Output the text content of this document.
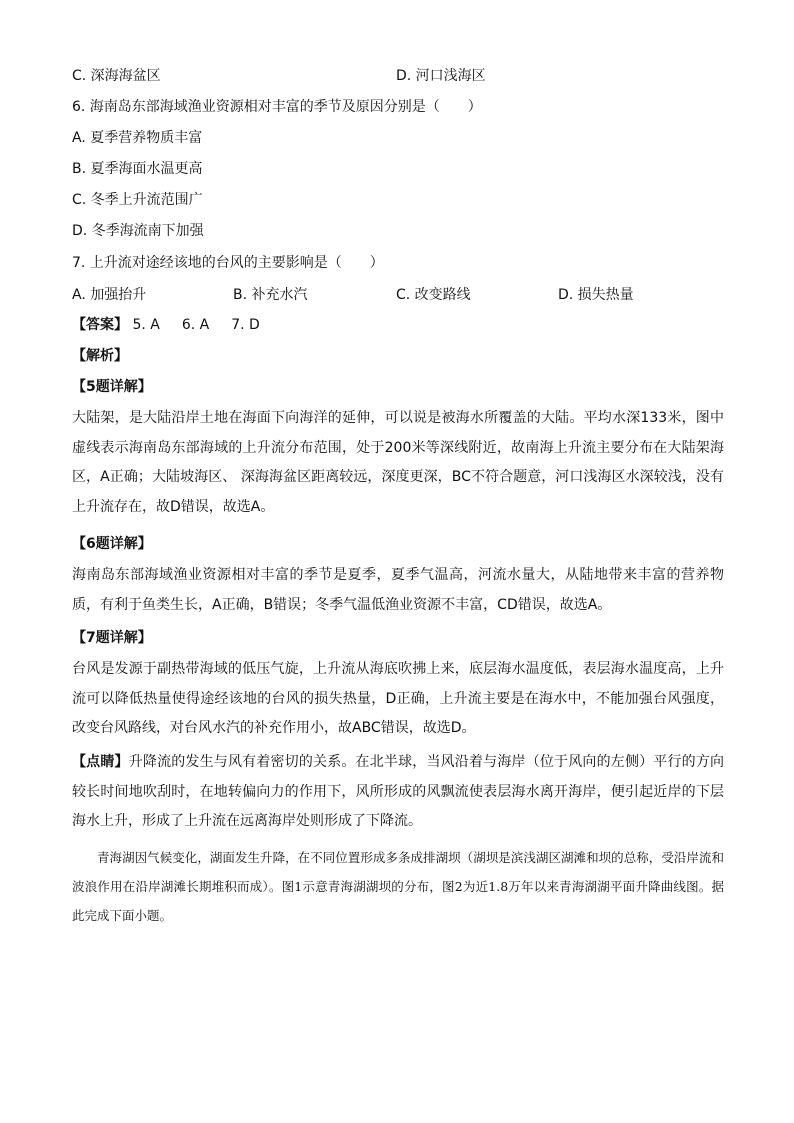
C. 深海海盆区	D. 河口浅海区
6. 海南岛东部海域渔业资源相对丰富的季节及原因分别是（　　）
A. 夏季营养物质丰富
B. 夏季海面水温更高
C. 冬季上升流范围广
D. 冬季海流南下加强
7. 上升流对途经该地的台风的主要影响是（　　）
A. 加强抬升	B. 补充水汽	C. 改变路线	D. 损失热量
【答案】 5. A 6. A 7. D
【解析】
【5题详解】
大陆架，是大陆沿岸土地在海面下向海洋的延伸，可以说是被海水所覆盖的大陆。平均水深133米，图中虚线表示海南岛东部海域的上升流分布范围，处于200米等深线附近，故南海上升流主要分布在大陆架海区，A正确；大陆坡海区、 深海海盆区距离较远，深度更深，BC不符合题意，河口浅海区水深较浅，没有上升流存在，故D错误，故选A。
【6题详解】
海南岛东部海域渔业资源相对丰富的季节是夏季，夏季气温高，河流水量大，从陆地带来丰富的营养物质，有利于鱼类生长，A正确，B错误；冬季气温低渔业资源不丰富，CD错误，故选A。
【7题详解】
台风是发源于副热带海域的低压气旋，上升流从海底吹拂上来，底层海水温度低，表层海水温度高，上升流可以降低热量使得途经该地的台风的损失热量，D正确，上升流主要是在海水中，不能加强台风强度，改变台风路线，对台风水汽的补充作用小，故ABC错误，故选D。
【点睛】升降流的发生与风有着密切的关系。在北半球，当风沿着与海岸（位于风向的左侧）平行的方向较长时间地吹刮时，在地转偏向力的作用下，风所形成的风飘流使表层海水离开海岸，便引起近岸的下层海水上升，形成了上升流在远离海岸处则形成了下降流。
青海湖因气候变化，湖面发生升降，在不同位置形成多条成排湖坝（湖坝是滨浅湖区湖滩和坝的总称，受沿岸流和波浪作用在沿岸湖滩长期堆积而成）。图1示意青海湖湖坝的分布，图2为近1.8万年以来青海湖湖平面升降曲线图。据此完成下面小题。
